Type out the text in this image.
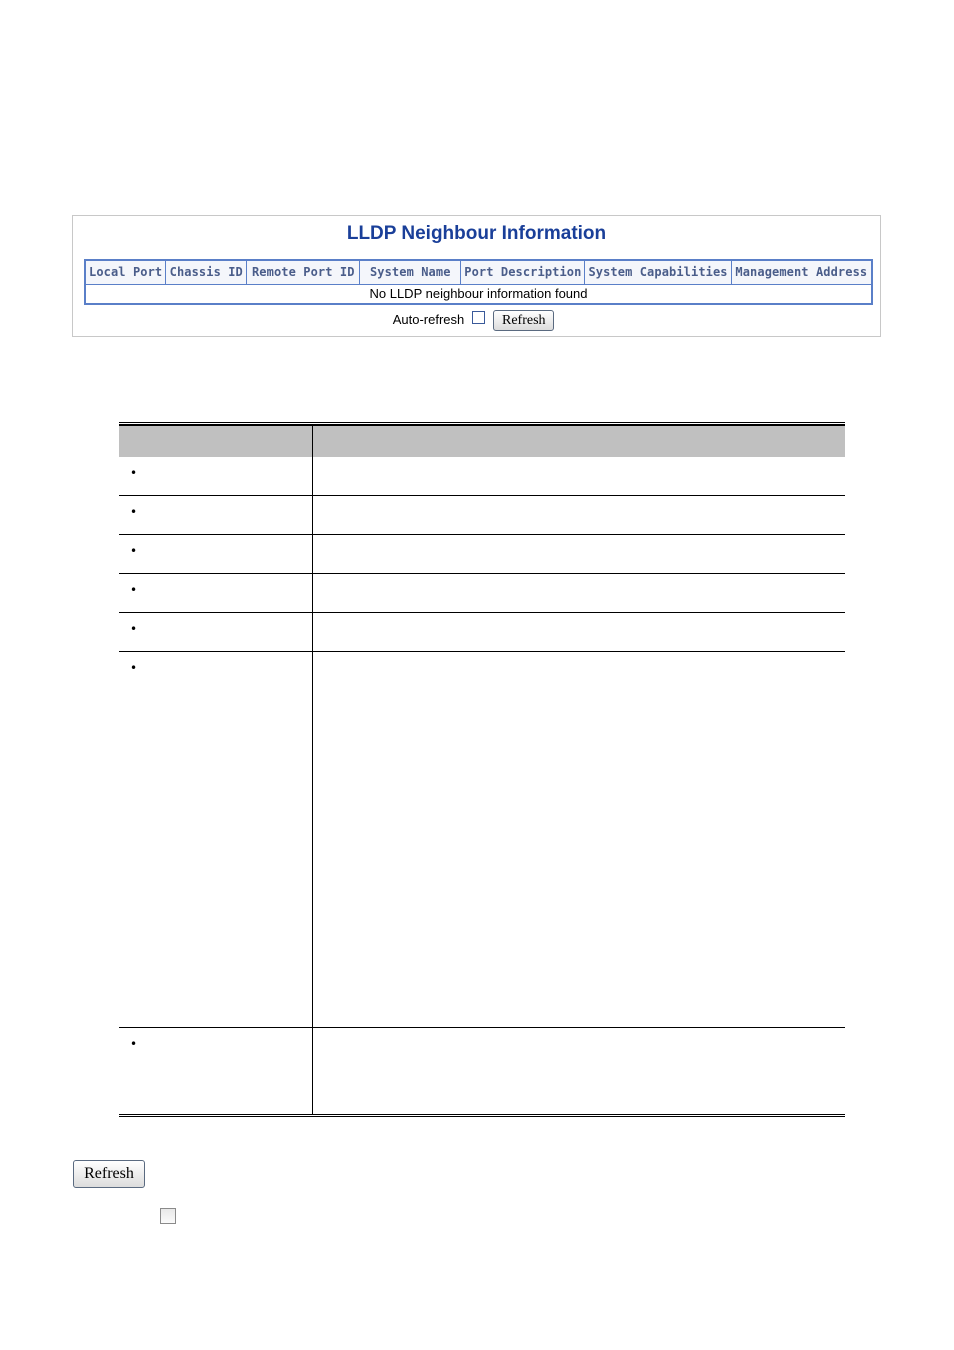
LLDP Neighbour Information
Local Port	Chassis ID	Remote Port ID	System Name	Port Description	System Capabilities	Management Address
No LLDP neighbour information found
Auto-refresh	Refresh
•
•
•
•
•
•
•
Refresh
